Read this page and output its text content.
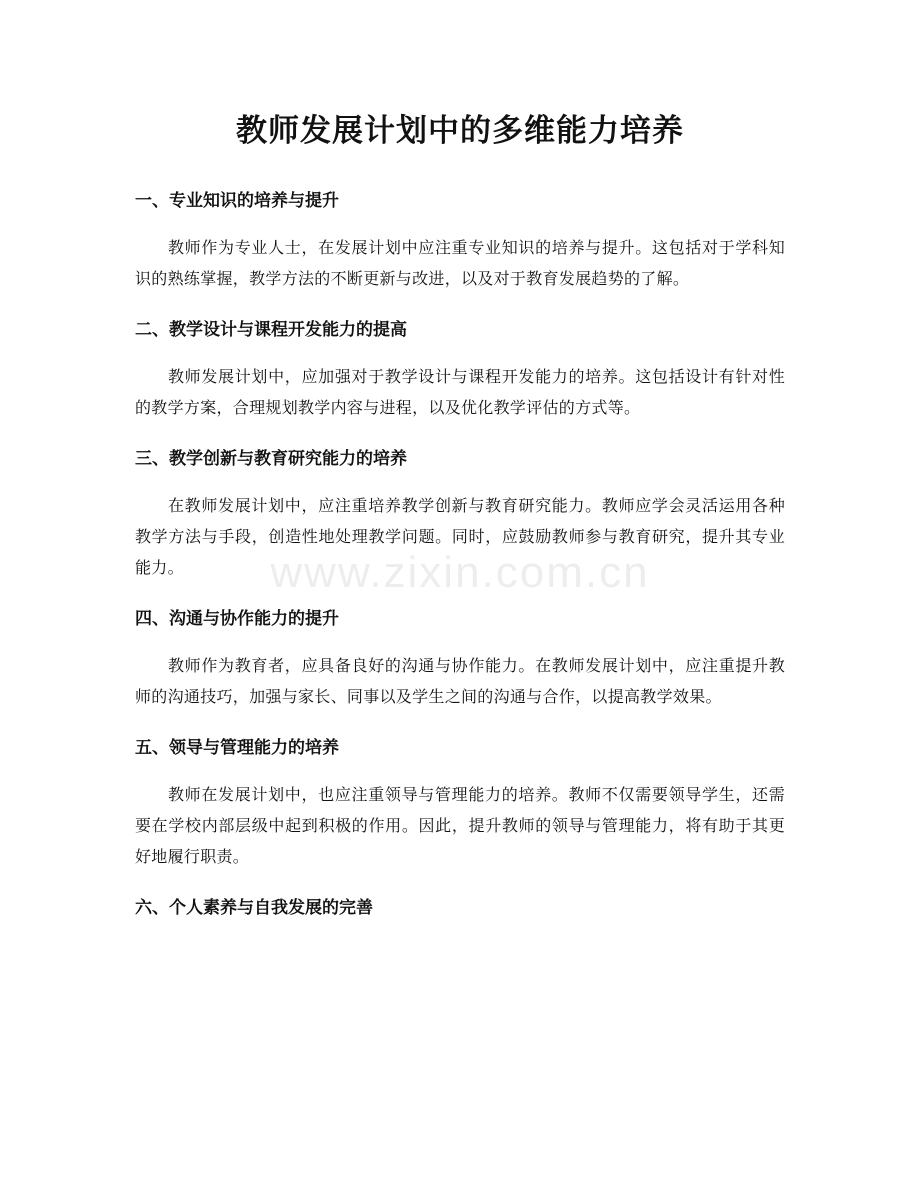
教师发展计划中的多维能力培养
www.zixin.com.cn
一、专业知识的培养与提升

教师作为专业人士，在发展计划中应注重专业知识的培养与提升。这包括对于学科知识的熟练掌握，教学方法的不断更新与改进，以及对于教育发展趋势的了解。

二、教学设计与课程开发能力的提高

教师发展计划中，应加强对于教学设计与课程开发能力的培养。这包括设计有针对性的教学方案，合理规划教学内容与进程，以及优化教学评估的方式等。

三、教学创新与教育研究能力的培养

在教师发展计划中，应注重培养教学创新与教育研究能力。教师应学会灵活运用各种教学方法与手段，创造性地处理教学问题。同时，应鼓励教师参与教育研究，提升其专业能力。

四、沟通与协作能力的提升

教师作为教育者，应具备良好的沟通与协作能力。在教师发展计划中，应注重提升教师的沟通技巧，加强与家长、同事以及学生之间的沟通与合作，以提高教学效果。

五、领导与管理能力的培养

教师在发展计划中，也应注重领导与管理能力的培养。教师不仅需要领导学生，还需要在学校内部层级中起到积极的作用。因此，提升教师的领导与管理能力，将有助于其更好地履行职责。

六、个人素养与自我发展的完善
